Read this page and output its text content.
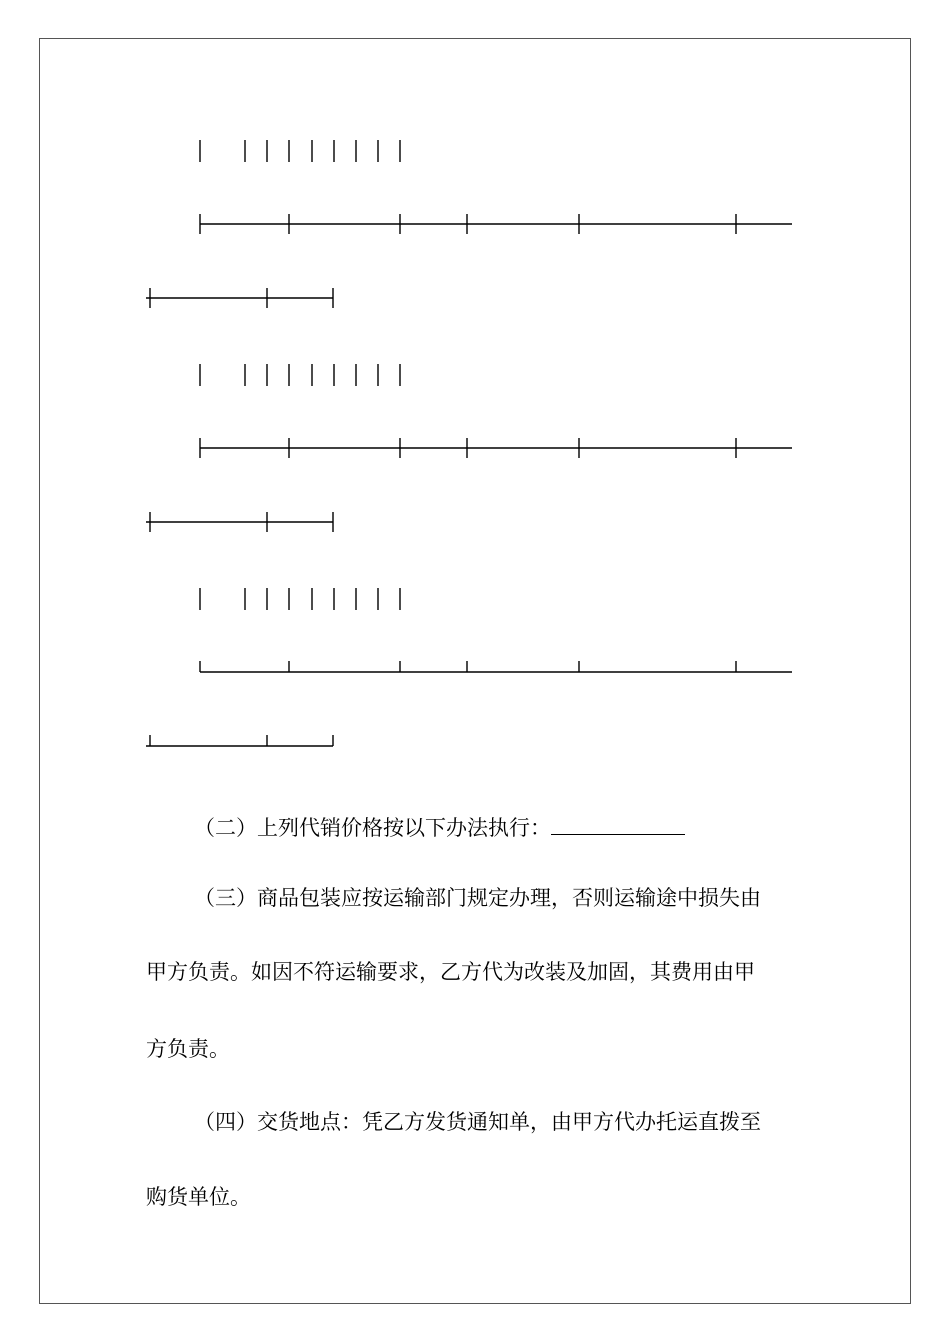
（二）上列代销价格按以下办法执行：
（三）商品包装应按运输部门规定办理，否则运输途中损失由
甲方负责。如因不符运输要求，乙方代为改装及加固，其费用由甲
方负责。
（四）交货地点：凭乙方发货通知单，由甲方代办托运直拨至
购货单位。
